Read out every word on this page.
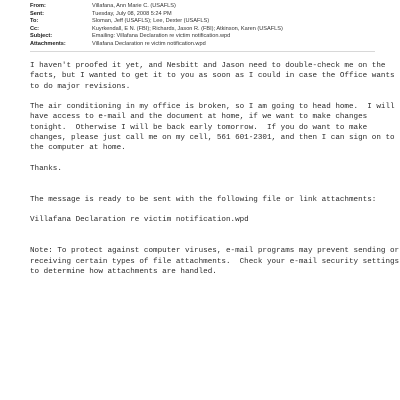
From:	Villafana, Ann Marie C. (USAFLS)
Sent:	Tuesday, July 08, 2008 5:24 PM
To:	Sloman, Jeff (USAFLS); Lee, Dexter (USAFLS)
Cc:	Kuyrkendall, E N. (FBI); Richards, Jason R. (FBI); Atkinson, Karen (USAFLS)
Subject:	Emailing: Villafana Declaration re victim notification.wpd
Attachments:	Villafana Declaration re victim notification.wpd
I haven't proofed it yet, and Nesbitt and Jason need to double-check me on the
facts, but I wanted to get it to you as soon as I could in case the Office wants
to do major revisions.
The air conditioning in my office is broken, so I am going to head home.  I will
have access to e-mail and the document at home, if we want to make changes
tonight.  Otherwise I will be back early tomorrow.  If you do want to make
changes, please just call me on my cell, 561 601-2301, and then I can sign on to
the computer at home.
Thanks.
The message is ready to be sent with the following file or link attachments:
Villafana Declaration re victim notification.wpd
Note: To protect against computer viruses, e-mail programs may prevent sending or
receiving certain types of file attachments.  Check your e-mail security settings
to determine how attachments are handled.
